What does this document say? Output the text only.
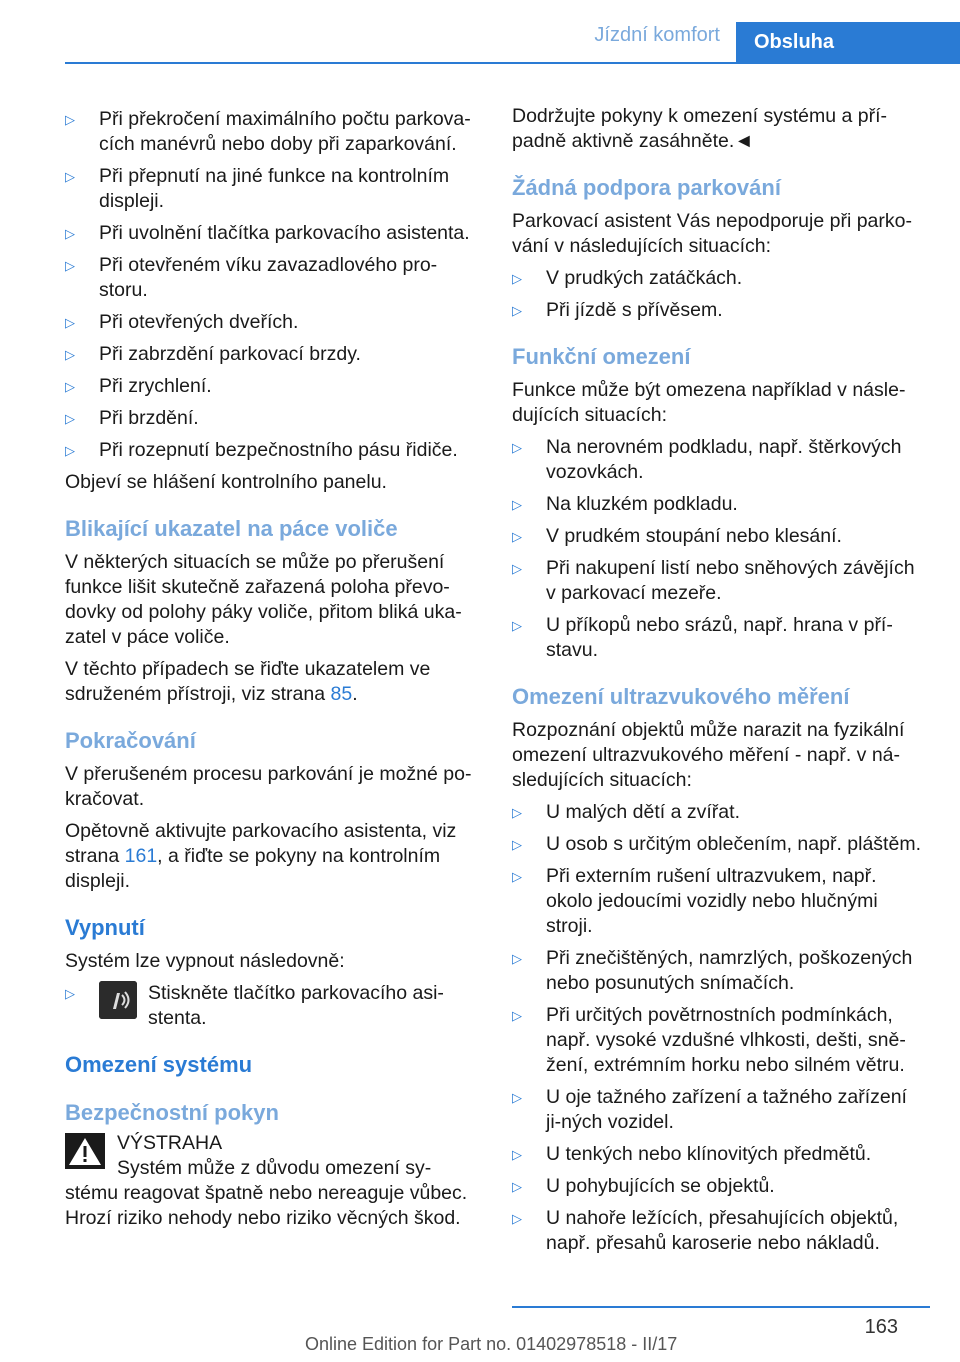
Jízdní komfort	Obsluha
▷ Při překročení maximálního počtu parkova-cích manévrů nebo doby při zaparkování.
▷ Při přepnutí na jiné funkce na kontrolním displeji.
▷ Při uvolnění tlačítka parkovacího asistenta.
▷ Při otevřeném víku zavazadlového pro-storu.
▷ Při otevřených dveřích.
▷ Při zabrzdění parkovací brzdy.
▷ Při zrychlení.
▷ Při brzdění.
▷ Při rozepnutí bezpečnostního pásu řidiče.
Objeví se hlášení kontrolního panelu.
Blikající ukazatel na páce voliče
V některých situacích se může po přerušení funkce lišit skutečně zařazená poloha převo-dovky od polohy páky voliče, přitom bliká uka-zatel v páce voliče.
V těchto případech se řiďte ukazatelem ve sdruženém přístroji, viz strana 85.
Pokračování
V přerušeném procesu parkování je možné po-kračovat.
Opětovně aktivujte parkovacího asistenta, viz strana 161, a řiďte se pokyny na kontrolním displeji.
Vypnutí
Systém lze vypnout následovně:
▷	Stiskněte tlačítko parkovacího asi-stenta.
Omezení systému
Bezpečnostní pokyn
VÝSTRAHA
Systém může z důvodu omezení sy-stému reagovat špatně nebo nereaguje vůbec. Hrozí riziko nehody nebo riziko věcných škod.
Dodržujte pokyny k omezení systému a pří-padně aktivně zasáhněte.◄
Žádná podpora parkování
Parkovací asistent Vás nepodporuje při parko-vání v následujících situacích:
▷ V prudkých zatáčkách.
▷ Při jízdě s přívěsem.
Funkční omezení
Funkce může být omezena například v násle-dujících situacích:
▷ Na nerovném podkladu, např. štěrkových vozovkách.
▷ Na kluzkém podkladu.
▷ V prudkém stoupání nebo klesání.
▷ Při nakupení listí nebo sněhových závějích v parkovací mezeře.
▷ U příkopů nebo srázů, např. hrana v pří-stavu.
Omezení ultrazvukového měření
Rozpoznání objektů může narazit na fyzikální omezení ultrazvukového měření - např. v ná-sledujících situacích:
▷ U malých dětí a zvířat.
▷ U osob s určitým oblečením, např. pláštěm.
▷ Při externím rušení ultrazvukem, např. okolo jedoucími vozidly nebo hlučnými stroji.
▷ Při znečištěných, namrzlých, poškozených nebo posunutých snímačích.
▷ Při určitých povětrnostních podmínkách, např. vysoké vzdušné vlhkosti, dešti, sně-žení, extrémním horku nebo silném větru.
▷ U oje tažného zařízení a tažného zařízení ji-ných vozidel.
▷ U tenkých nebo klínovitých předmětů.
▷ U pohybujících se objektů.
▷ U nahoře ležících, přesahujících objektů, např. přesahů karoserie nebo nákladů.
163
Online Edition for Part no. 01402978518 - II/17
